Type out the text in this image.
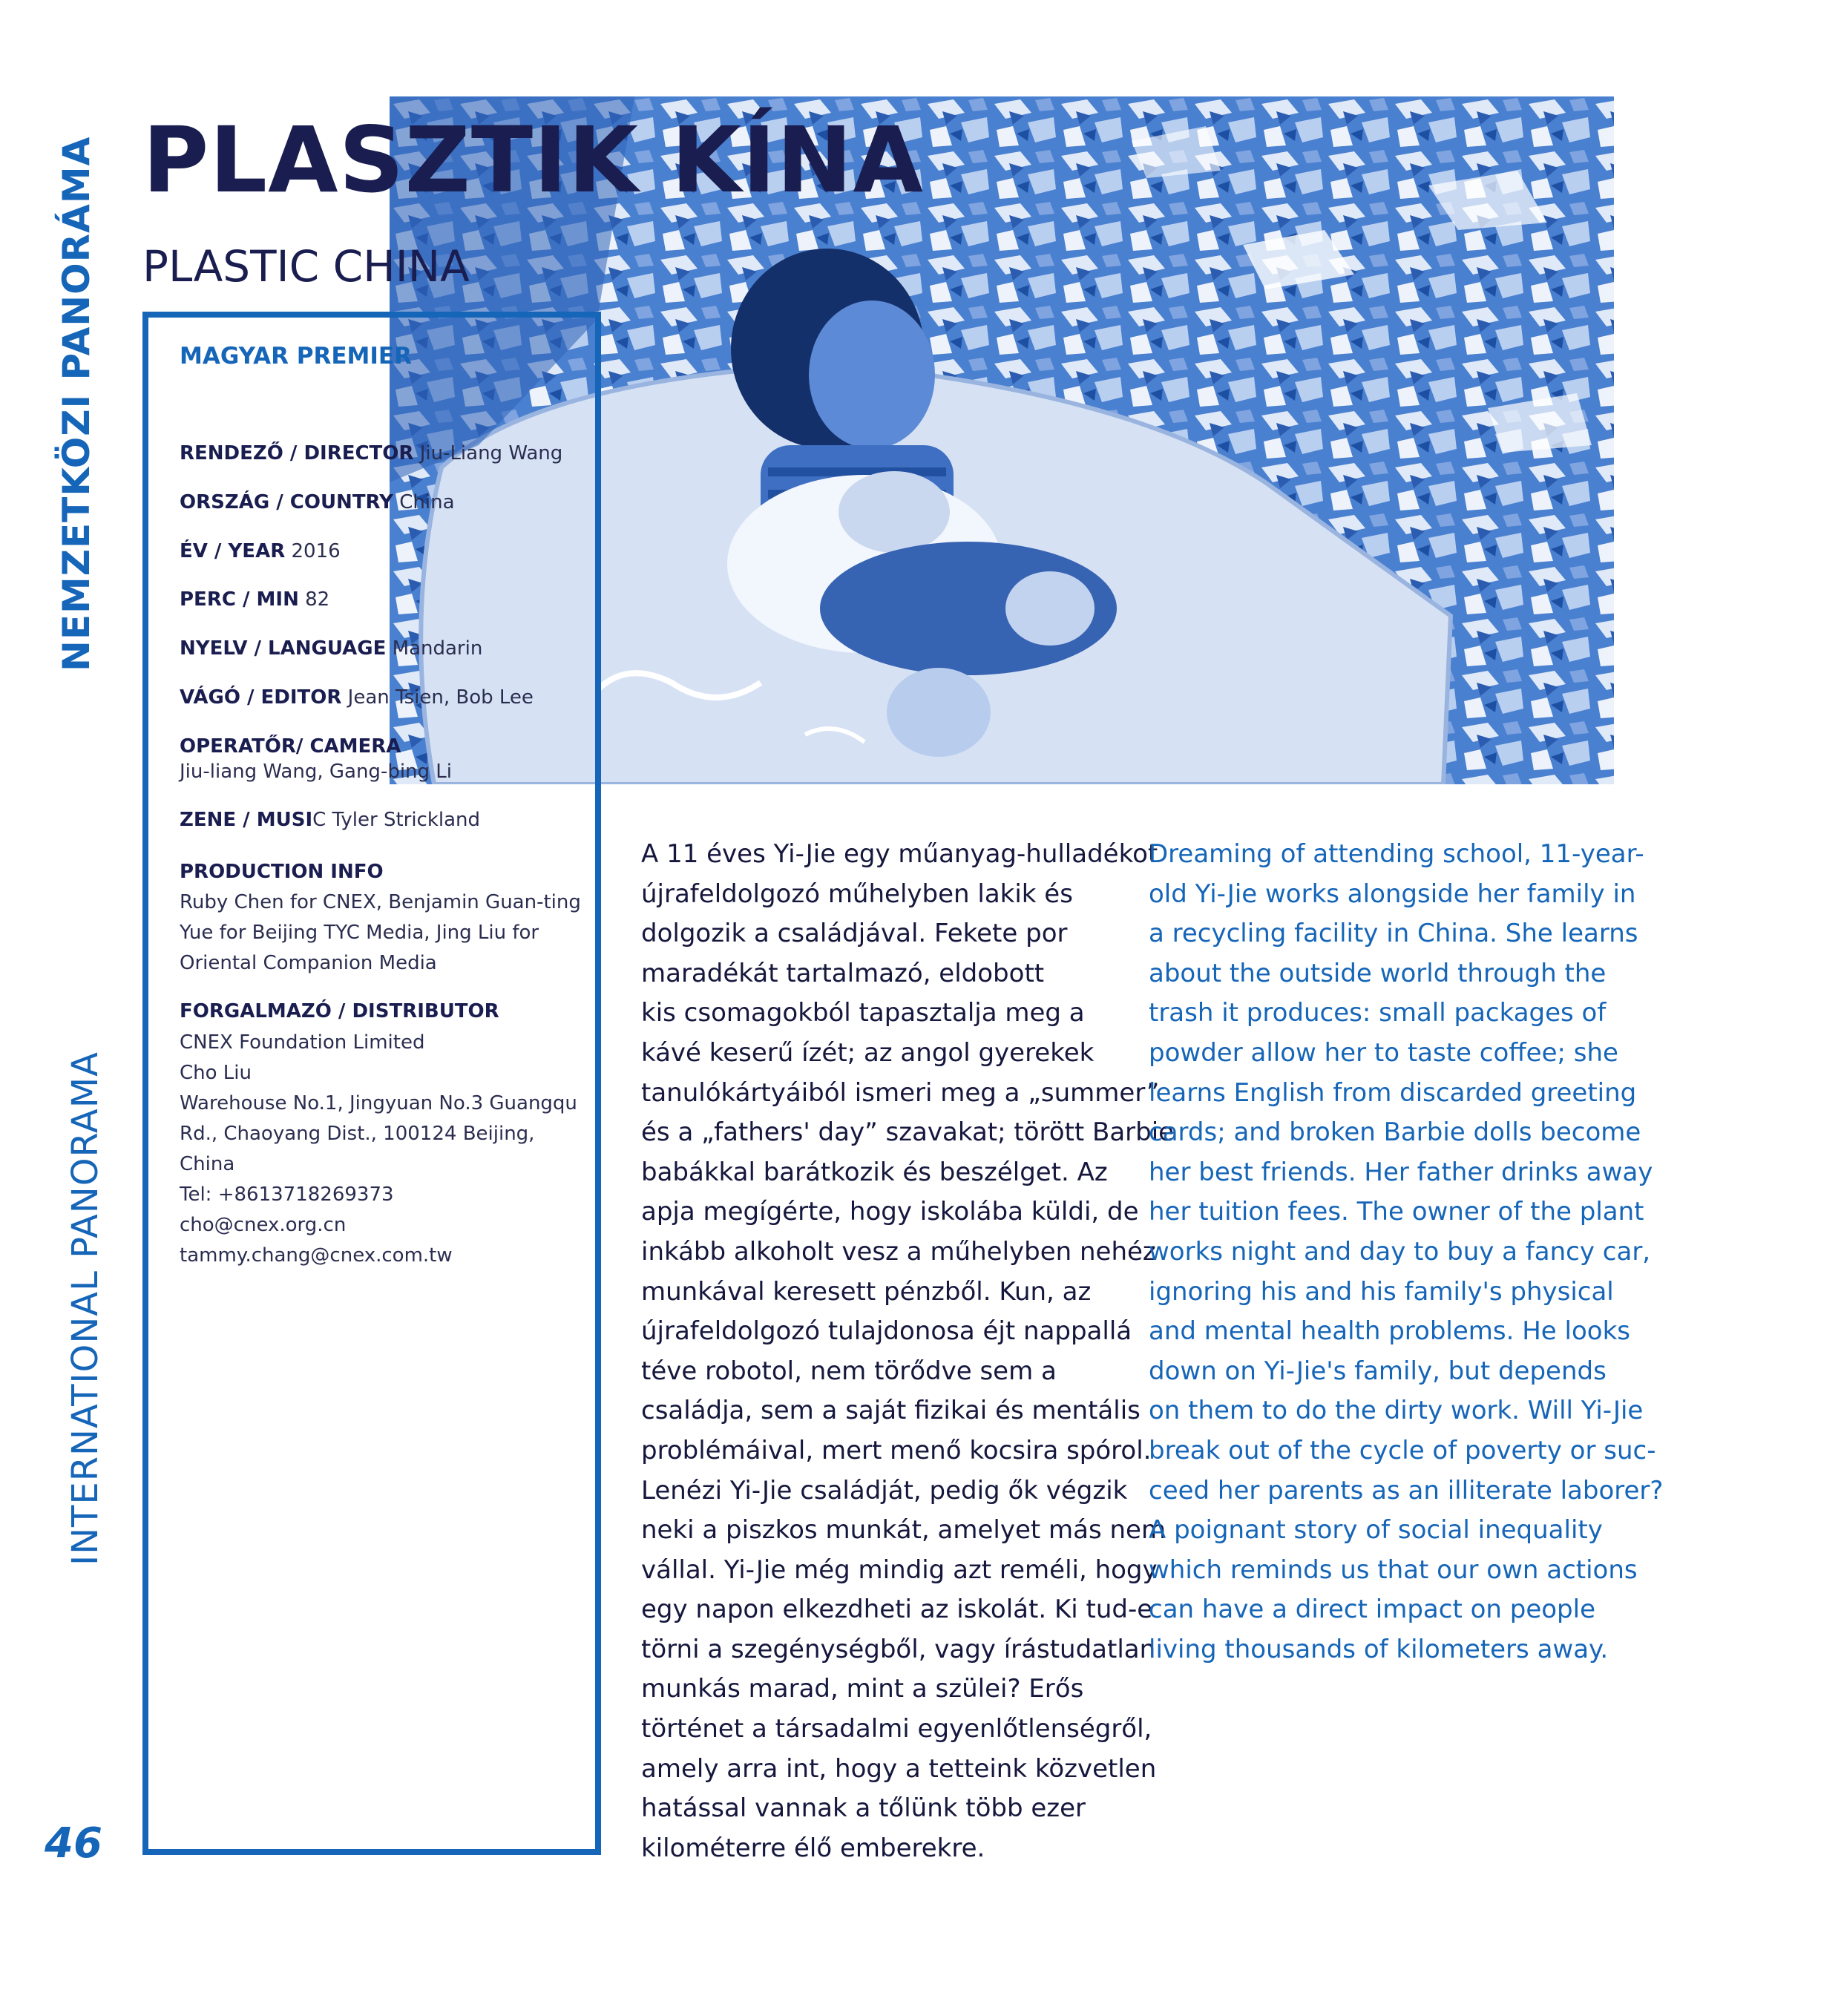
NEMZETKÖZI PANORÁMA
INTERNATIONAL PANORAMA
46
PLASZTIK KÍNA
PLASTIC CHINA
MAGYAR PREMIER

RENDEZŐ / DIRECTOR Jiu-Liang Wang

ORSZÁG / COUNTRY China

ÉV / YEAR 2016

PERC / MIN 82

NYELV / LANGUAGE Mandarin

VÁGÓ / EDITOR Jean Tsien, Bob Lee

OPERATŐR/ CAMERA
Jiu-liang Wang, Gang-bing Li

ZENE / MUSIC Tyler Strickland

PRODUCTION INFO
Ruby Chen for CNEX, Benjamin Guan-ting
Yue for Beijing TYC Media, Jing Liu for
Oriental Companion Media
FORGALMAZÓ / DISTRIBUTOR
CNEX Foundation Limited
Cho Liu
Warehouse No.1, Jingyuan No.3 Guangqu
Rd., Chaoyang Dist., 100124 Beijing, China
Tel: +8613718269373
cho@cnex.org.cn
tammy.chang@cnex.com.tw
A 11 éves Yi-Jie egy műanyag-hulladékot
újrafeldolgozó műhelyben lakik és
dolgozik a családjával. Fekete por
maradékát tartalmazó, eldobott
kis csomagokból tapasztalja meg a
kávé keserű ízét; az angol gyerekek
tanulókártyáiból ismeri meg a „summer”
és a „fathers' day” szavakat; törött Barbie
babákkal barátkozik és beszélget. Az
apja megígérte, hogy iskolába küldi, de
inkább alkoholt vesz a műhelyben nehéz
munkával keresett pénzből. Kun, az
újrafeldolgozó tulajdonosa éjt nappallá
téve robotol, nem törődve sem a
családja, sem a saját fizikai és mentális
problémáival, mert menő kocsira spórol.
Lenézi Yi-Jie családját, pedig ők végzik
neki a piszkos munkát, amelyet más nem
vállal. Yi-Jie még mindig azt reméli, hogy
egy napon elkezdheti az iskolát. Ki tud-e
törni a szegénységből, vagy írástudatlan
munkás marad, mint a szülei? Erős
történet a társadalmi egyenlőtlenségről,
amely arra int, hogy a tetteink közvetlen
hatással vannak a tőlünk több ezer
kilométerre élő emberekre.
Dreaming of attending school, 11-year-
old Yi-Jie works alongside her family in
a recycling facility in China. She learns
about the outside world through the
trash it produces: small packages of
powder allow her to taste coffee; she
learns English from discarded greeting
cards; and broken Barbie dolls become
her best friends. Her father drinks away
her tuition fees. The owner of the plant
works night and day to buy a fancy car,
ignoring his and his family's physical
and mental health problems. He looks
down on Yi-Jie's family, but depends
on them to do the dirty work. Will Yi-Jie
break out of the cycle of poverty or suc-
ceed her parents as an illiterate laborer?
A poignant story of social inequality
which reminds us that our own actions
can have a direct impact on people
living thousands of kilometers away.
